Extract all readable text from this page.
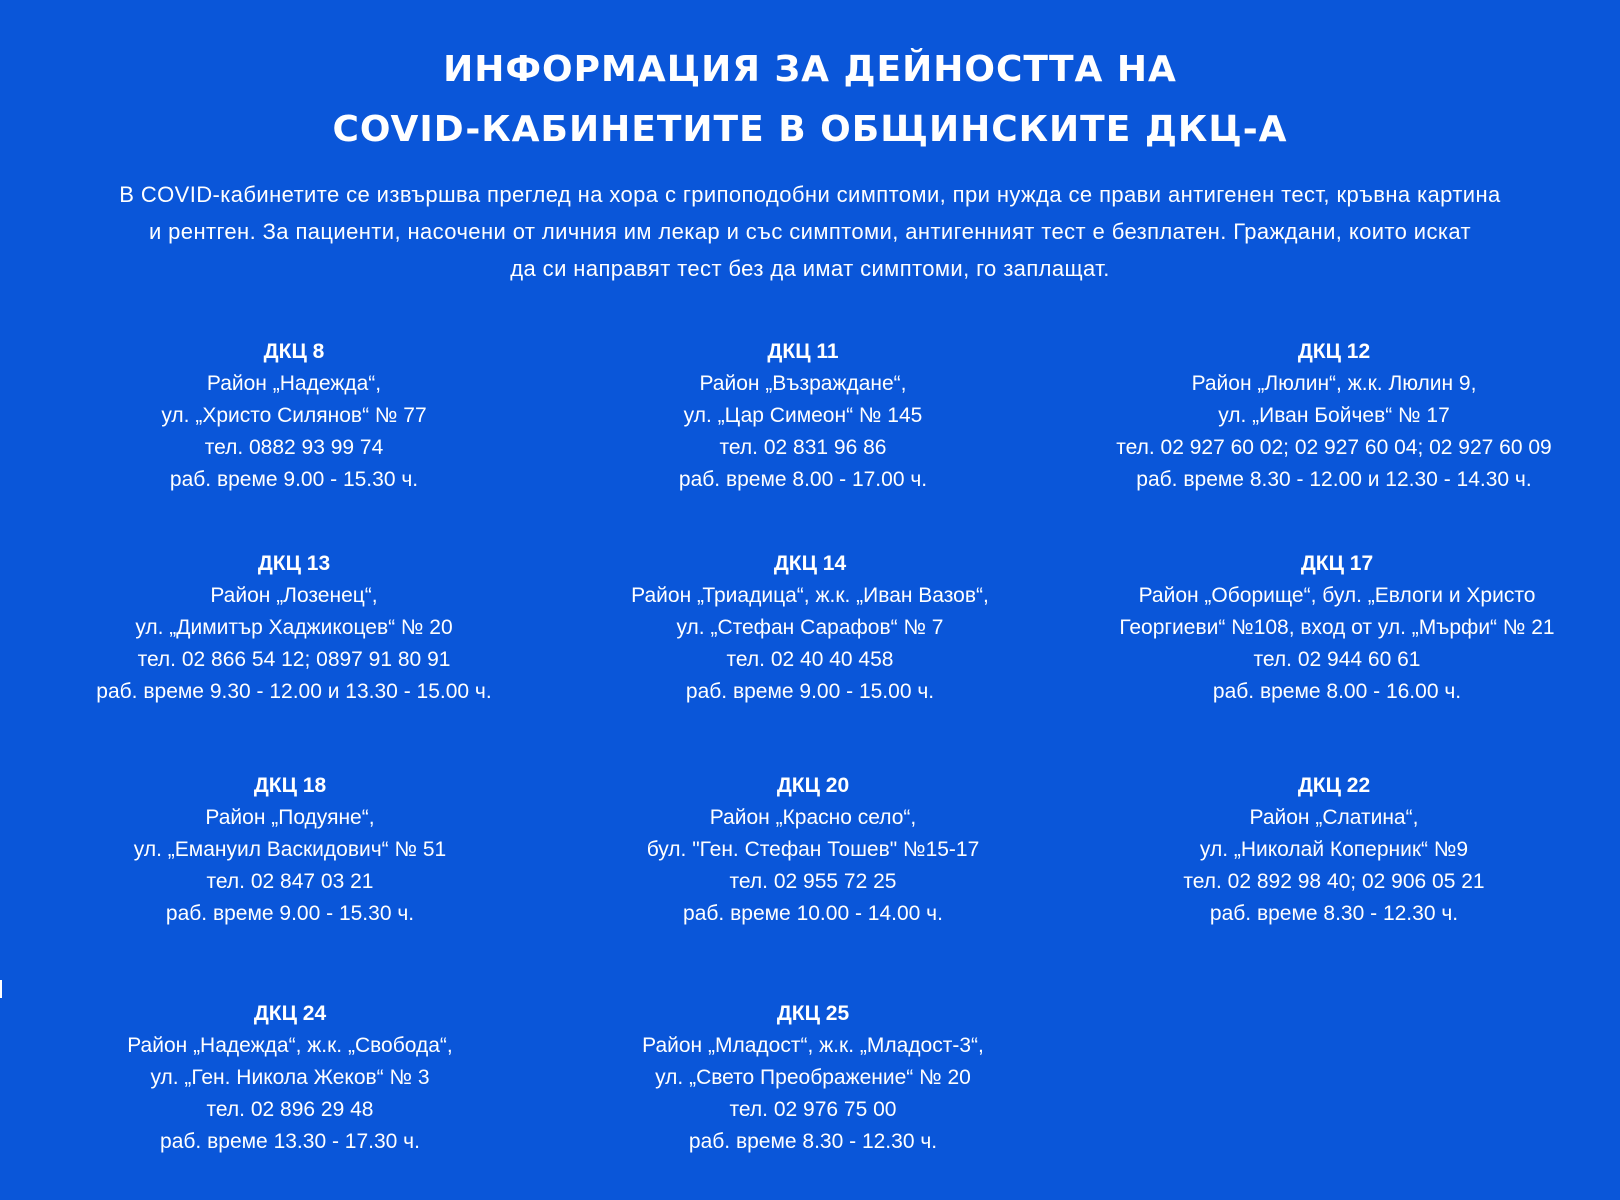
ИНФОРМАЦИЯ ЗА ДЕЙНОСТТА НА
COVID-КАБИНЕТИТЕ В ОБЩИНСКИТЕ ДКЦ-А
В COVID-кабинетите се извършва преглед на хора с грипоподобни симптоми, при нужда се прави антигенен тест, кръвна картина
и рентген. За пациенти, насочени от личния им лекар и със симптоми, антигенният тест е безплатен. Граждани, които искат
да си направят тест без да имат симптоми, го заплащат.
ДКЦ 8
Район „Надежда“,
ул. „Христо Силянов“ № 77
тел. 0882 93 99 74
раб. време 9.00 - 15.30 ч.
ДКЦ 11
Район „Възраждане“,
ул. „Цар Симеон“ № 145
тел. 02 831 96 86
раб. време 8.00 - 17.00 ч.
ДКЦ 12
Район „Люлин“, ж.к. Люлин 9,
ул. „Иван Бойчев“ № 17
тел. 02 927 60 02; 02 927 60 04; 02 927 60 09
раб. време 8.30 - 12.00 и 12.30 - 14.30 ч.
ДКЦ 13
Район „Лозенец“,
ул. „Димитър Хаджикоцев“ № 20
тел. 02 866 54 12; 0897 91 80 91
раб. време 9.30 - 12.00 и 13.30 - 15.00 ч.
ДКЦ 14
Район „Триадица“, ж.к. „Иван Вазов“,
ул. „Стефан Сарафов“ № 7
тел. 02 40 40 458
раб. време 9.00 - 15.00 ч.
ДКЦ 17
Район „Оборище“, бул. „Евлоги и Христо
Георгиеви“ №108, вход от ул. „Мърфи“ № 21
тел. 02 944 60 61
раб. време 8.00 - 16.00 ч.
ДКЦ 18
Район „Подуяне“,
ул. „Емануил Васкидович“ № 51
тел. 02 847 03 21
раб. време 9.00 - 15.30 ч.
ДКЦ 20
Район „Красно село“,
бул. "Ген. Стефан Тошев" №15-17
тел. 02 955 72 25
раб. време 10.00 - 14.00 ч.
ДКЦ 22
Район „Слатина“,
ул. „Николай Коперник“ №9
тел. 02 892 98 40; 02 906 05 21
раб. време 8.30 - 12.30 ч.
ДКЦ 24
Район „Надежда“, ж.к. „Свобода“,
ул. „Ген. Никола Жеков“ № 3
тел. 02 896 29 48
раб. време 13.30 - 17.30 ч.
ДКЦ 25
Район „Младост“, ж.к. „Младост-3“,
ул. „Свето Преображение“ № 20
тел. 02 976 75 00
раб. време 8.30 - 12.30 ч.
